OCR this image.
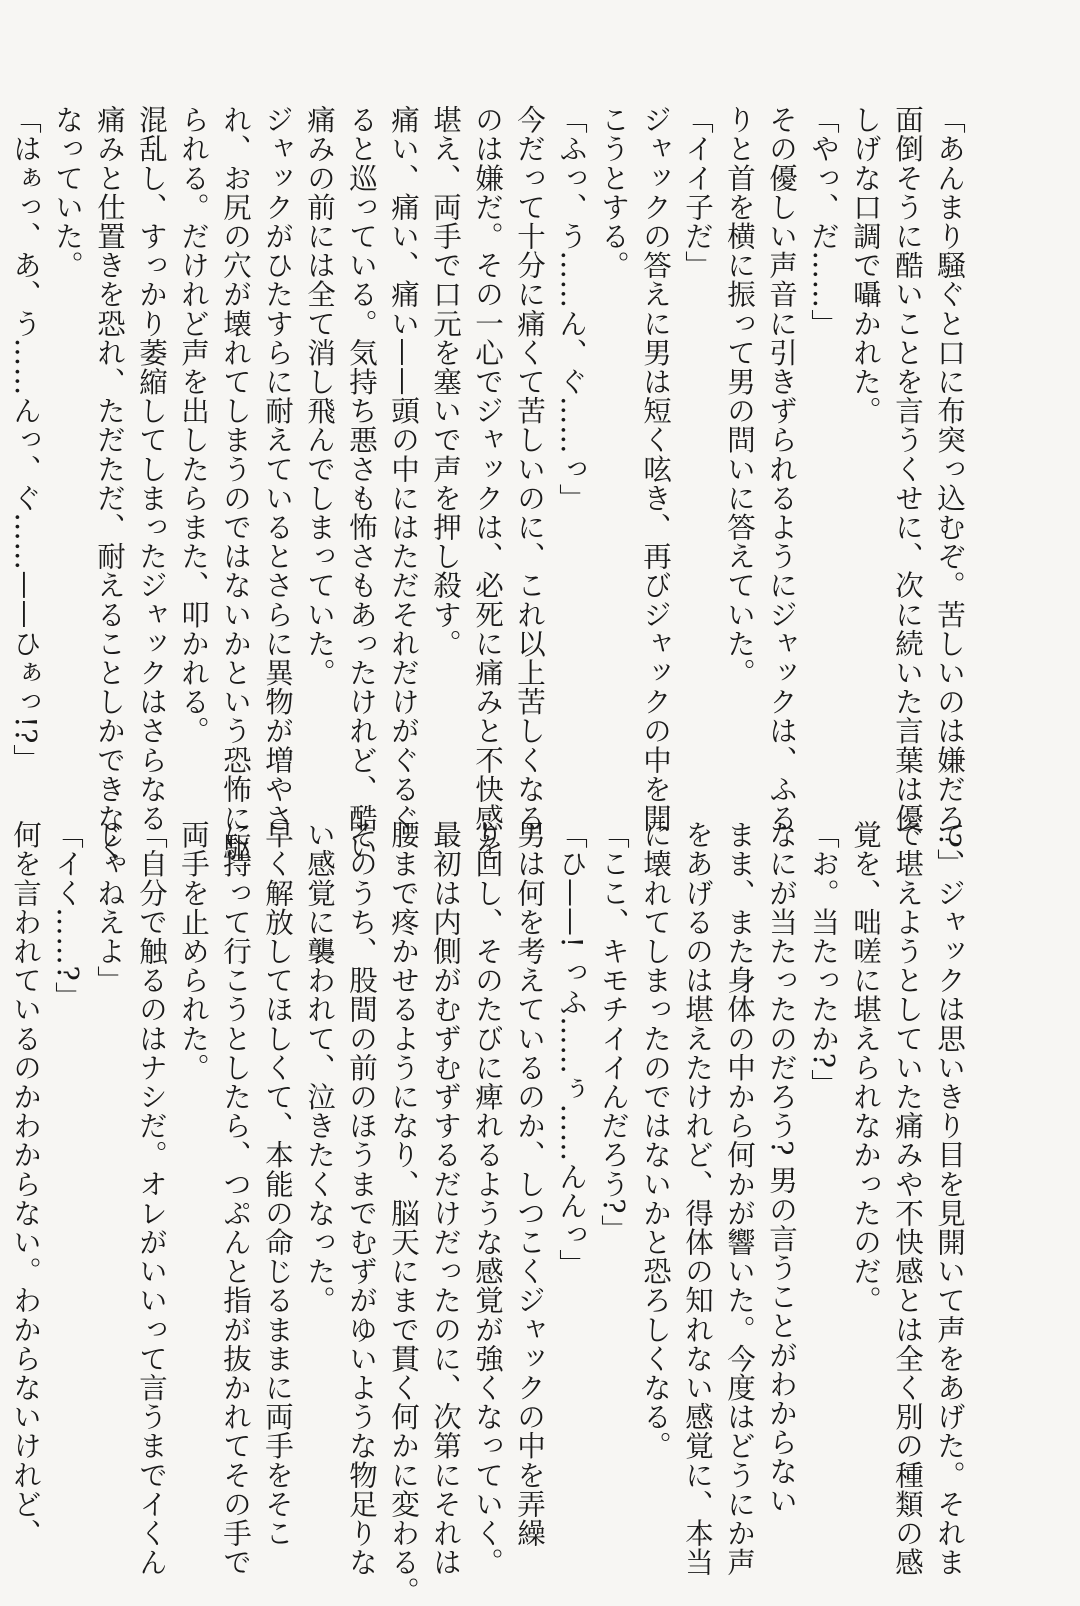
「あんまり騒ぐと口に布突っ込むぞ。苦しいのは嫌だろ?」

面倒そうに酷いことを言うくせに、次に続いた言葉は優

しげな口調で囁かれた。

「やっ、だ……」

その優しい声音に引きずられるようにジャックは、ふる

りと首を横に振って男の問いに答えていた。

「イイ子だ」

ジャックの答えに男は短く呟き、再びジャックの中を開

こうとする。

「ふっ、う……ん、ぐ……っ」

今だって十分に痛くて苦しいのに、これ以上苦しくなる

のは嫌だ。その一心でジャックは、必死に痛みと不快感を

堪え、両手で口元を塞いで声を押し殺す。

痛い、痛い、痛い——頭の中にはただそれだけがぐるぐ

ると巡っている。気持ち悪さも怖さもあったけれど、酷い

痛みの前には全て消し飛んでしまっていた。

ジャックがひたすらに耐えているとさらに異物が増やさ

れ、お尻の穴が壊れてしまうのではないかという恐怖に駆

られる。だけれど声を出したらまた、叩かれる。

混乱し、すっかり萎縮してしまったジャックはさらなる

痛みと仕置きを恐れ、ただただ、耐えることしかできなく

なっていた。

「はぁっ、あ、う……んっ、ぐ……——ひぁっ!?」

て、ジャックは思いきり目を見開いて声をあげた。それま

で堪えようとしていた痛みや不快感とは全く別の種類の感

覚を、咄嗟に堪えられなかったのだ。

「お。当たったか?」

なにが当たったのだろう? 男の言うことがわからない

まま、また身体の中から何かが響いた。今度はどうにか声

をあげるのは堪えたけれど、得体の知れない感覚に、本当

に壊れてしまったのではないかと恐ろしくなる。

「ここ、キモチイイんだろう?」

「ひ——! っふ……ぅ……んんっ」

男は何を考えているのか、しつこくジャックの中を弄繰

り回し、そのたびに痺れるような感覚が強くなっていく。

最初は内側がむずむずするだけだったのに、次第にそれは

腰まで疼かせるようになり、脳天にまで貫く何かに変わる。

そのうち、股間の前のほうまでむずがゆいような物足りな

い感覚に襲われて、泣きたくなった。

早く解放してほしくて、本能の命じるままに両手をそこ

に持って行こうとしたら、つぷんと指が抜かれてその手で

両手を止められた。

「自分で触るのはナシだ。オレがいいって言うまでイくん

じゃねえよ」

「イく……?」

何を言われているのかわからない。わからないけれど、
